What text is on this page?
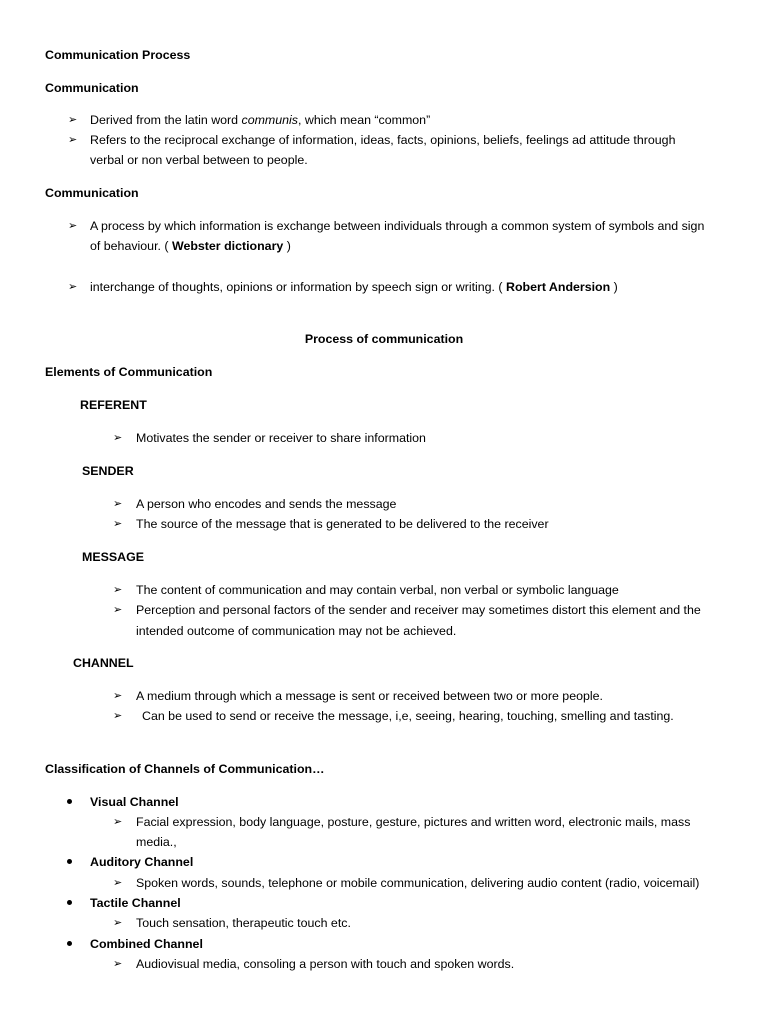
Communication Process
Communication
➢ Derived from the latin word communis, which mean “common”
➢ Refers to the reciprocal exchange of information, ideas, facts, opinions, beliefs, feelings ad attitude through
verbal or non verbal between to people.
Communication
➢ A process by which information is exchange between individuals through a common system of symbols and sign
of behaviour. ( Webster dictionary )
➢ interchange of thoughts, opinions or information by speech sign or writing. ( Robert Andersion )
Process of communication
Elements of Communication
REFERENT
➢ Motivates the sender or receiver to share information
SENDER
➢ A person who encodes and sends the message
➢ The source of the message that is generated to be delivered to the receiver
MESSAGE
➢ The content of communication and may contain verbal, non verbal or symbolic language
➢ Perception and personal factors of the sender and receiver may sometimes distort this element and the
intended outcome of communication may not be achieved.
CHANNEL
➢ A medium through which a message is sent or received between two or more people.
➢ Can be used to send or receive the message, i,e, seeing, hearing, touching, smelling and tasting.
Classification of Channels of Communication…
Visual Channel
➢ Facial expression, body language, posture, gesture, pictures and written word, electronic mails, mass
media.,
Auditory Channel
➢ Spoken words, sounds, telephone or mobile communication, delivering audio content (radio, voicemail)
Tactile Channel
➢ Touch sensation, therapeutic touch etc.
Combined Channel
➢ Audiovisual media, consoling a person with touch and spoken words.
